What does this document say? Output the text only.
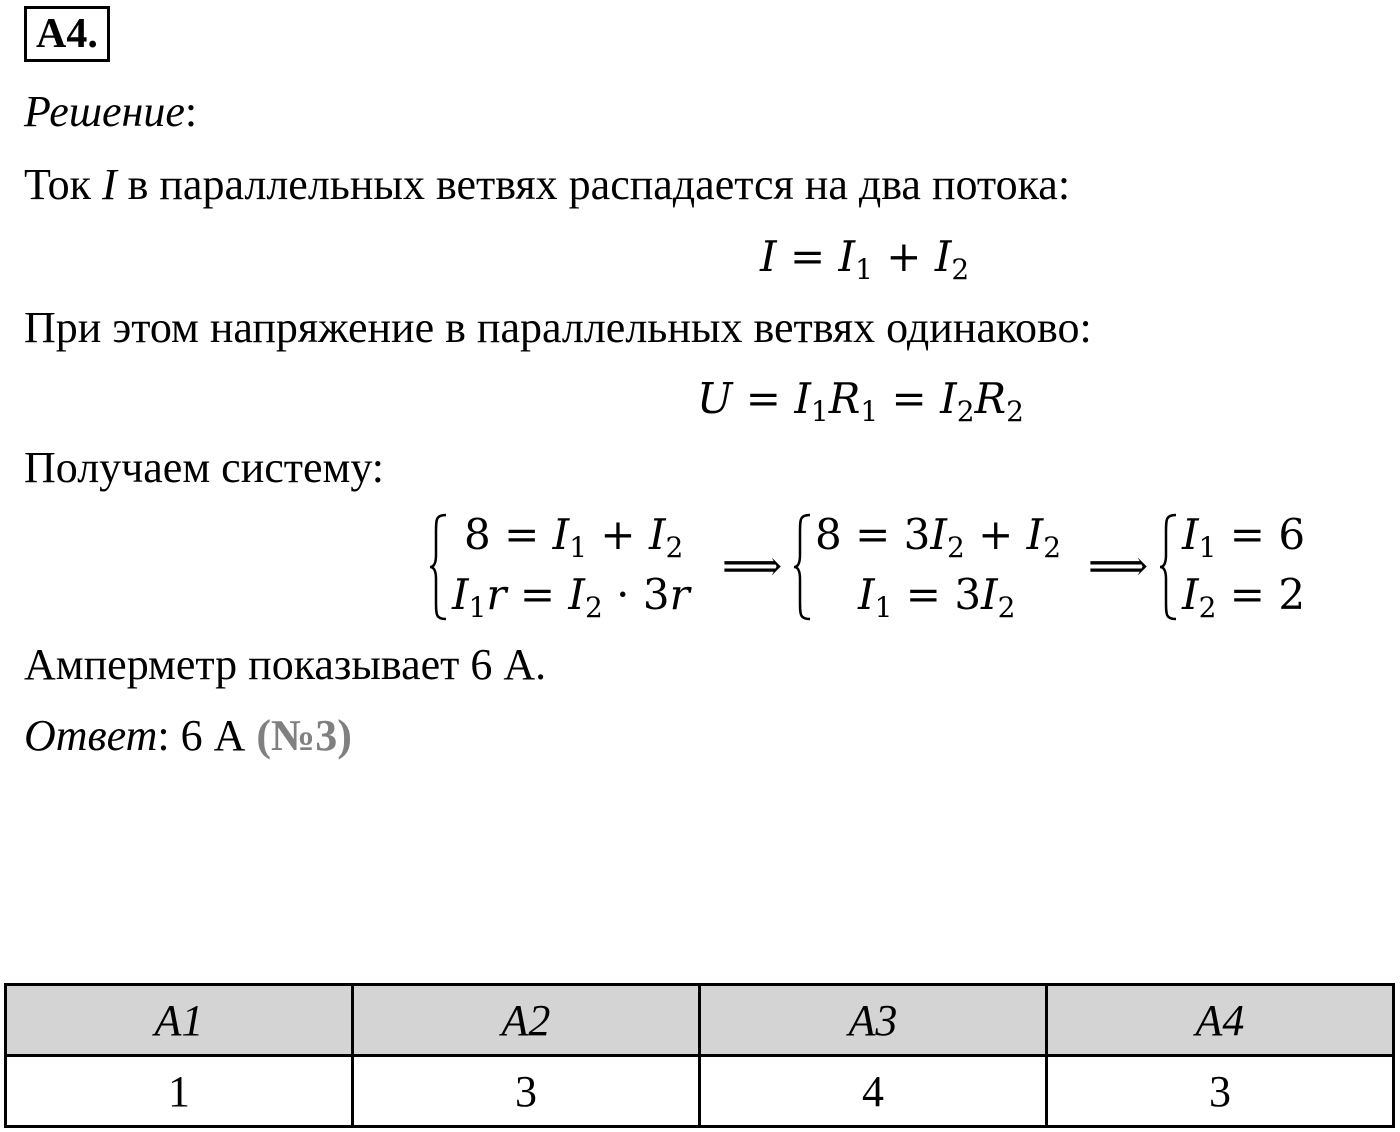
А4.
Решение:
Ток I в параллельных ветвях распадается на два потока:
$I = I_1 + I_2$
При этом напряжение в параллельных ветвях одинаково:
$U = I_1R_1 = I_2R_2$
Получаем систему:
$8 = I_1 + I_2$
$I_1r = I_2 \cdot 3r$
⟹
$8 = 3I_2 + I_2$
$I_1 = 3I_2$
⟹
$I_1 = 6$
$I_2 = 2$
Амперметр показывает 6 А.
Ответ: 6 А (№3)
A1	A2	A3	A4
1	3	4	3
